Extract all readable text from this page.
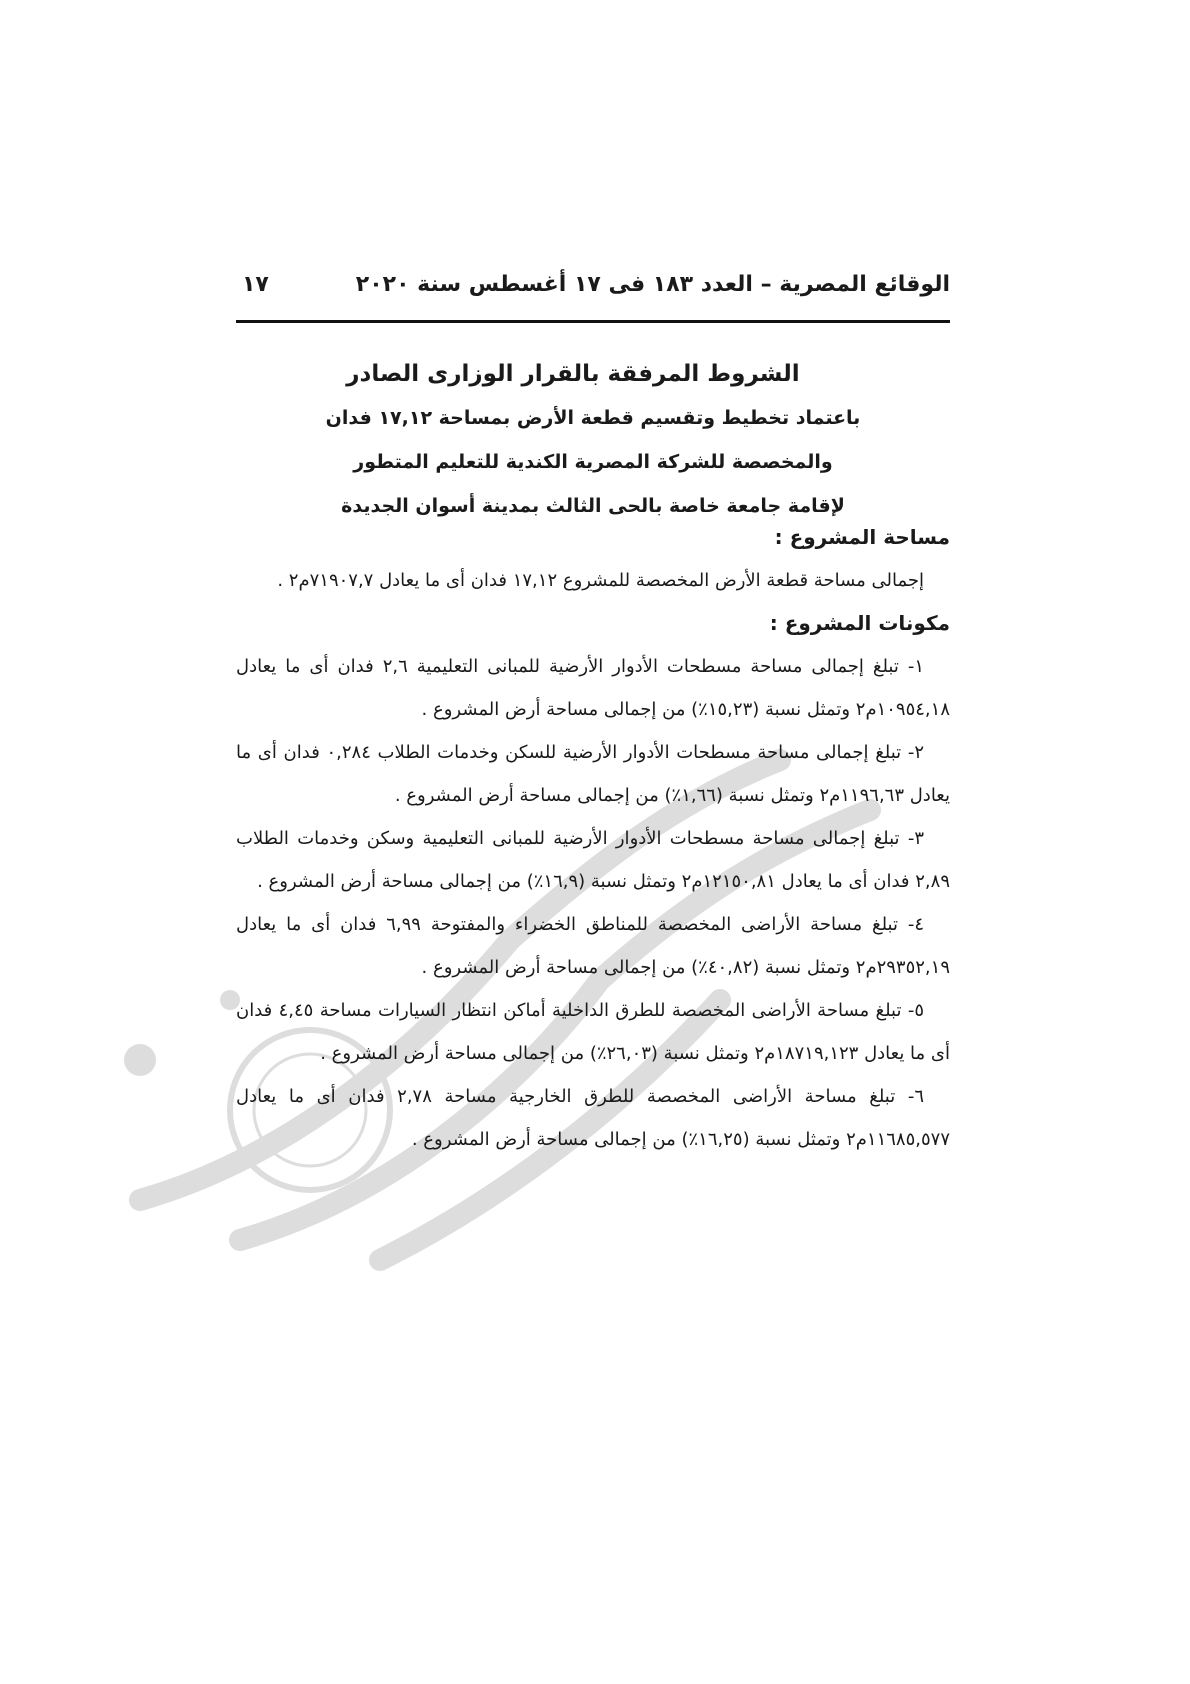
الوقائع المصرية – العدد ١٨٣ فى ١٧ أغسطس سنة ٢٠٢٠
١٧
الشروط المرفقة بالقرار الوزارى الصادر
باعتماد تخطيط وتقسيم قطعة الأرض بمساحة ١٧,١٢ فدان
والمخصصة للشركة المصرية الكندية للتعليم المتطور
لإقامة جامعة خاصة بالحى الثالث بمدينة أسوان الجديدة

مساحة المشروع :

إجمالى مساحة قطعة الأرض المخصصة للمشروع ١٧,١٢ فدان أى ما يعادل ٧١٩٠٧,٧م٢ .

مكونات المشروع :

١- تبلغ إجمالى مساحة مسطحات الأدوار الأرضية للمبانى التعليمية ٢,٦ فدان أى ما يعادل ١٠٩٥٤,١٨م٢ وتمثل نسبة (١٥,٢٣٪) من إجمالى مساحة أرض المشروع .

٢- تبلغ إجمالى مساحة مسطحات الأدوار الأرضية للسكن وخدمات الطلاب ٠,٢٨٤ فدان أى ما يعادل ١١٩٦,٦٣م٢ وتمثل نسبة (١,٦٦٪) من إجمالى مساحة أرض المشروع .

٣- تبلغ إجمالى مساحة مسطحات الأدوار الأرضية للمبانى التعليمية وسكن وخدمات الطلاب ٢,٨٩ فدان أى ما يعادل ١٢١٥٠,٨١م٢ وتمثل نسبة (١٦,٩٪) من إجمالى مساحة أرض المشروع .

٤- تبلغ مساحة الأراضى المخصصة للمناطق الخضراء والمفتوحة ٦,٩٩ فدان أى ما يعادل ٢٩٣٥٢,١٩م٢ وتمثل نسبة (٤٠,٨٢٪) من إجمالى مساحة أرض المشروع .

٥- تبلغ مساحة الأراضى المخصصة للطرق الداخلية أماكن انتظار السيارات مساحة ٤,٤٥ فدان أى ما يعادل ١٨٧١٩,١٢٣م٢ وتمثل نسبة (٢٦,٠٣٪) من إجمالى مساحة أرض المشروع .

٦- تبلغ مساحة الأراضى المخصصة للطرق الخارجية مساحة ٢,٧٨ فدان أى ما يعادل ١١٦٨٥,٥٧٧م٢ وتمثل نسبة (١٦,٢٥٪) من إجمالى مساحة أرض المشروع .
